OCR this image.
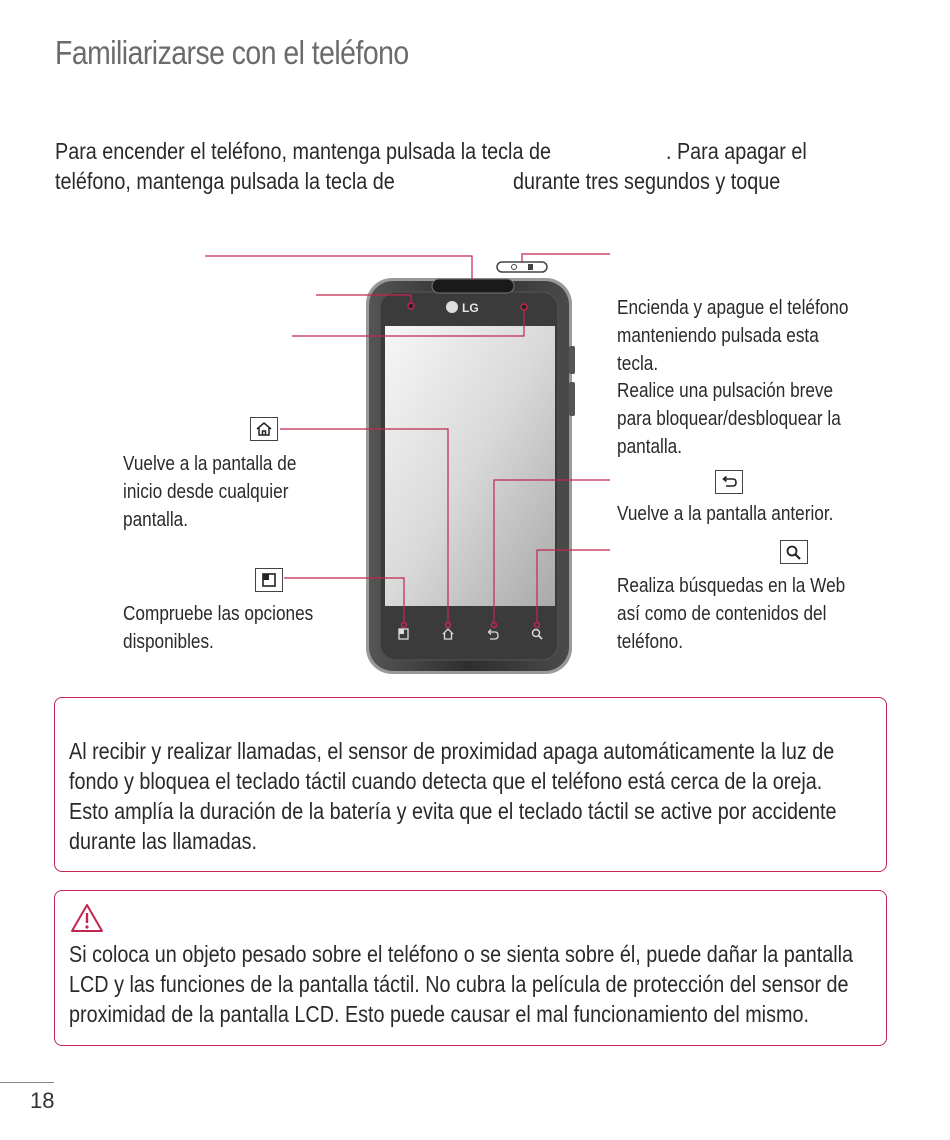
Familiarizarse con el teléfono
Para encender el teléfono, mantenga pulsada la tecla de	. Para apagar el
teléfono, mantenga pulsada la tecla de	durante tres segundos y toque
LG	Encienda y apague el teléfono
manteniendo pulsada esta
tecla.
Realice una pulsación breve
para bloquear/desbloquear la
pantalla.
Vuelve a la pantalla anterior.
Realiza búsquedas en la Web
así como de contenidos del
teléfono.
Vuelve a la pantalla de
inicio desde cualquier
pantalla.
Compruebe las opciones
disponibles.
Al recibir y realizar llamadas, el sensor de proximidad apaga automáticamente la luz de
fondo y bloquea el teclado táctil cuando detecta que el teléfono está cerca de la oreja.
Esto amplía la duración de la batería y evita que el teclado táctil se active por accidente
durante las llamadas.
Si coloca un objeto pesado sobre el teléfono o se sienta sobre él, puede dañar la pantalla
LCD y las funciones de la pantalla táctil. No cubra la película de protección del sensor de
proximidad de la pantalla LCD. Esto puede causar el mal funcionamiento del mismo.
18
